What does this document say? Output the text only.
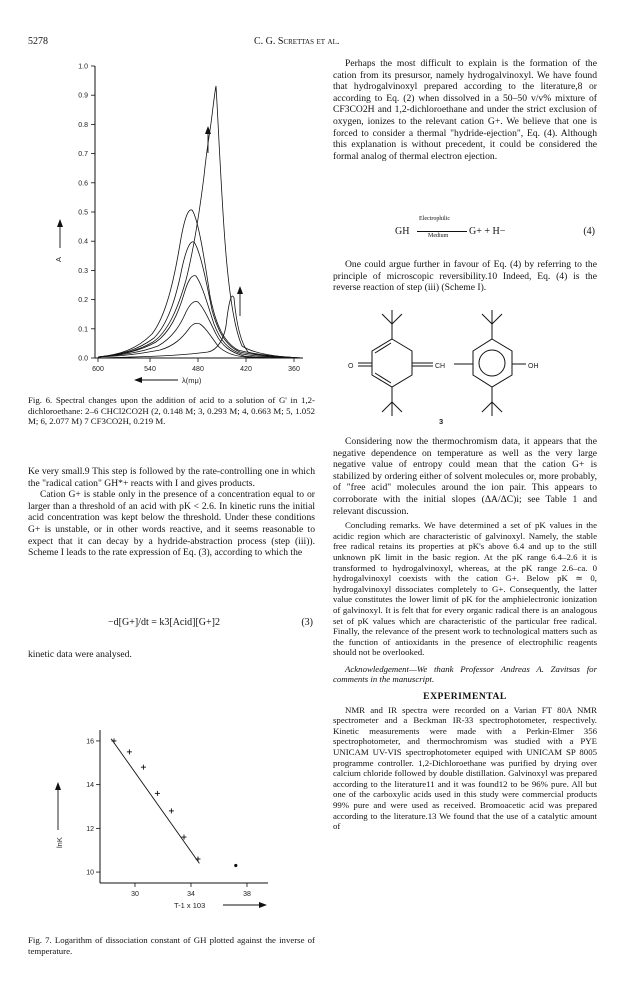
5278	C. G. Screttas et al.
0.0
0.1
0.2
0.3
0.4
0.5
0.6
0.7
0.8
0.9
1.0
600	540	480	420	360
A
λ(mμ)
Fig. 6. Spectral changes upon the addition of acid to a solution of G' in 1,2-dichloroethane: 2–6 CHCl2CO2H (2, 0.148 M; 3, 0.293 M; 4, 0.663 M; 5, 1.052 M; 6, 2.077 M) 7 CF3CO2H, 0.219 M.

Ke very small.9 This step is followed by the rate-controlling one in which the "radical cation" GH*+ reacts with I and gives products.

Cation G+ is stable only in the presence of a concentration equal to or larger than a threshold of an acid with pK < 2.6. In kinetic runs the initial acid concentration was kept below the threshold. Under these conditions G+ is unstable, or in other words reactive, and it seems reasonable to expect that it can decay by a hydride-abstraction process (step (iii)). Scheme I leads to the rate expression of Eq. (3), according to which the

−d[G+]/dt = k3[Acid][G+]2	(3)
kinetic data were analysed.
10
12
14
16
30	34	38
lnK
T-1 x 103
Fig. 7. Logarithm of dissociation constant of GH plotted against the inverse of temperature.
Perhaps the most difficult to explain is the formation of the cation from its presursor, namely hydrogalvinoxyl. We have found that hydrogalvinoxyl prepared according to the literature,8 or according to Eq. (2) when dissolved in a 50–50 v/v% mixture of CF3CO2H and 1,2-dichloroethane and under the strict exclusion of oxygen, ionizes to the relevant cation G+. We believe that one is forced to consider a thermal "hydride-ejection", Eq. (4). Although this explanation is without precedent, it could be considered the formal analog of thermal electron ejection.
GH
Electrophilic
Medium G+ + H−	(4)
One could argue further in favour of Eq. (4) by referring to the principle of microscopic reversibility.10 Indeed, Eq. (4) is the reverse reaction of step (iii) (Scheme I).
O	CH	OH
3

Considering now the thermochromism data, it appears that the negative dependence on temperature as well as the very large negative value of entropy could mean that the cation G+ is stabilized by ordering either of solvent molecules or, more probably, of "free acid" molecules around the ion pair. This appears to corroborate with the initial slopes (ΔA/ΔC)i; see Table 1 and relevant discussion.

Concluding remarks. We have determined a set of pK values in the acidic region which are characteristic of galvinoxyl. Namely, the stable free radical retains its properties at pK's above 6.4 and up to the still unknown pK limit in the basic region. At the pK range 6.4–2.6 it is transformed to hydrogalvinoxyl, whereas, at the pK range 2.6–ca. 0 hydrogalvinoxyl coexists with the cation G+. Below pK ≃ 0, hydrogalvinoxyl dissociates completely to G+. Consequently, the latter value constitutes the lower limit of pK for the amphielectronic ionization of galvinoxyl. It is felt that for every organic radical there is an analogous set of pK values which are characteristic of the particular free radical. Finally, the relevance of the present work to technological matters such as the function of antioxidants in the presence of electrophilic reagents should not be overlooked.

Acknowledgement—We thank Professor Andreas A. Zavitsas for comments in the manuscript.

EXPERIMENTAL

NMR and IR spectra were recorded on a Varian FT 80A NMR spectrometer and a Beckman IR-33 spectrophotometer, respectively. Kinetic measurements were made with a Perkin-Elmer 356 spectrophotometer, and thermochromism was studied with a PYE UNICAM UV-VIS spectrophotometer equiped with UNICAM SP 8005 programme controller. 1,2-Dichloroethane was purified by drying over calcium chloride followed by double distillation. Galvinoxyl was prepared according to the literature11 and it was found12 to be 96% pure. All but one of the carboxylic acids used in this study were commercial products 99% pure and were used as received. Bromoacetic acid was prepared according to the literature.13 We found that the use of a catalytic amount of
